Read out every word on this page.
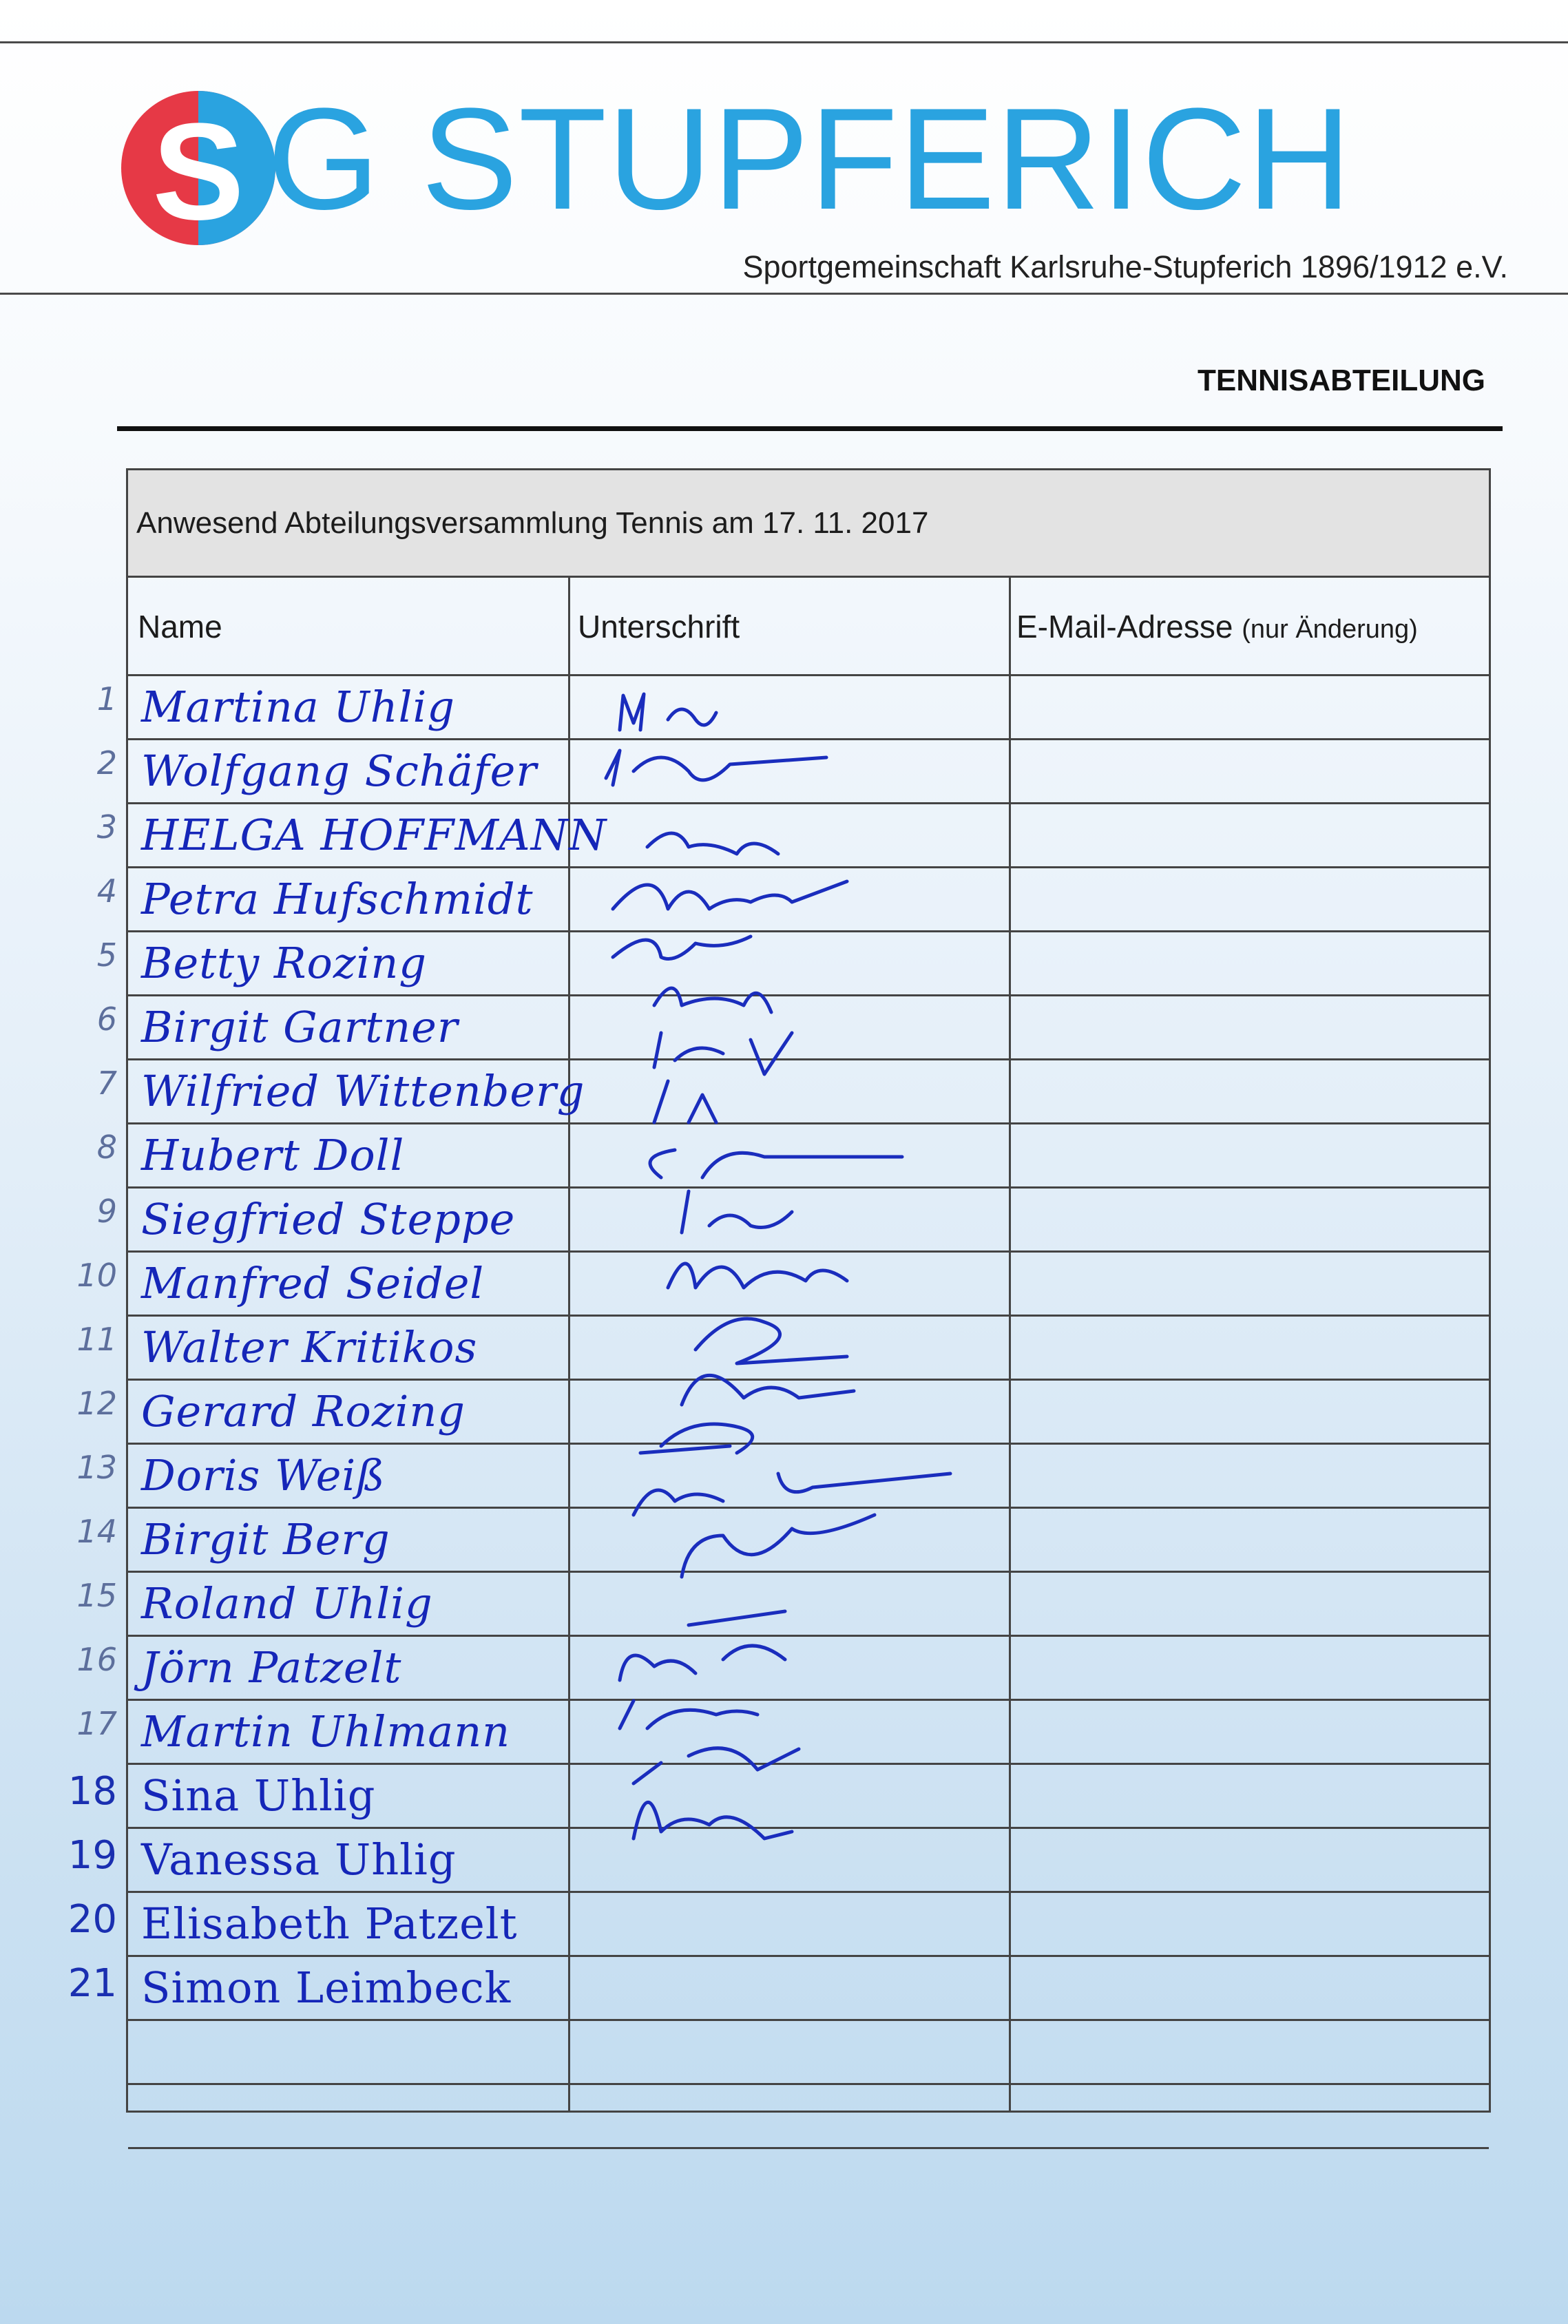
S G STUPFERICH
Sportgemeinschaft Karlsruhe-Stupferich 1896/1912 e.V.
TENNISABTEILUNG
Anwesend Abteilungsversammlung Tennis am 17. 11. 2017
Name	Unterschrift	E-Mail-Adresse (nur Änderung)
1 Martina Uhlig
2 Wolfgang Schäfer
3 HELGA HOFFMANN
4 Petra Hufschmidt
5 Betty Rozing
6 Birgit Gartner
7 Wilfried Wittenberg
8 Hubert Doll
9 Siegfried Steppe
10 Manfred Seidel
11 Walter Kritikos
12 Gerard Rozing
13 Doris Weiß
14 Birgit Berg
15 Roland Uhlig
16 Jörn Patzelt
17 Martin Uhlmann
18 Sina Uhlig
19 Vanessa Uhlig
20 Elisabeth Patzelt
21 Simon Leimbeck
